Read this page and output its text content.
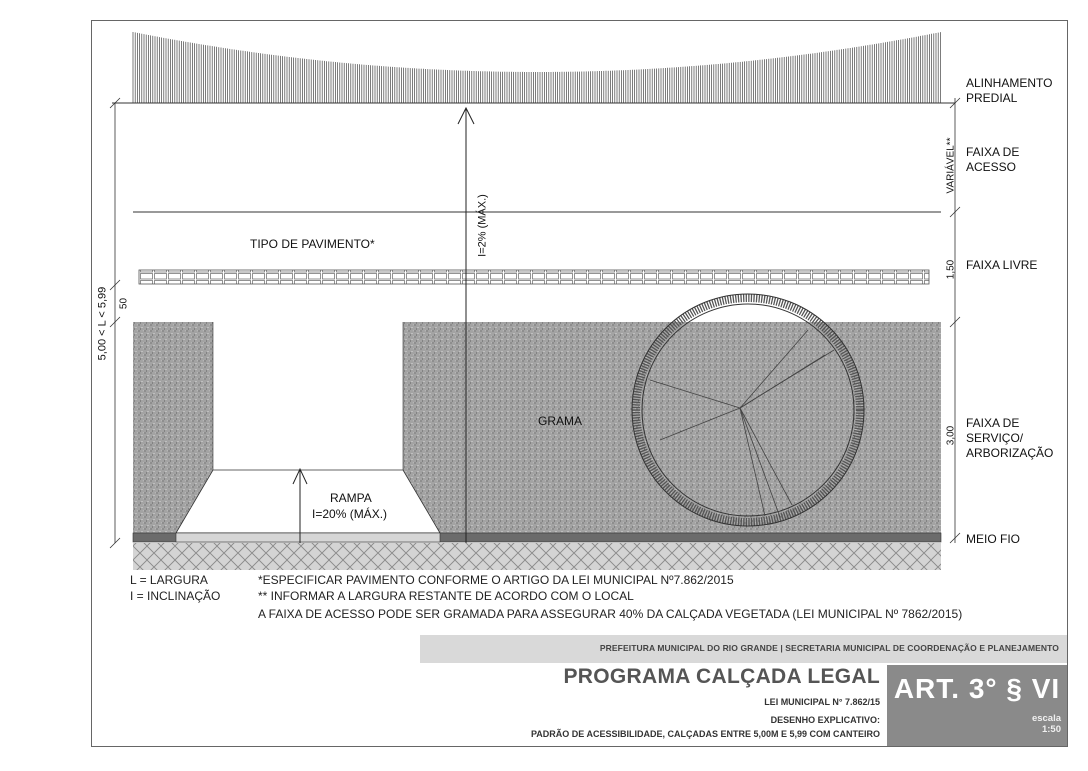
VARIÁVEL**
1,50
3,00
5,00 < L < 5,99 50
I=2% (MÁX.)
TIPO DE PAVIMENTO*
GRAMA
RAMPA
I=20% (MÁX.)
ALINHAMENTO
PREDIAL
FAIXA DE
ACESSO
FAIXA LIVRE
FAIXA DE
SERVIÇO/
ARBORIZAÇÃO
MEIO FIO
L = LARGURA
I = INCLINAÇÃO
*ESPECIFICAR PAVIMENTO CONFORME O ARTIGO DA LEI MUNICIPAL Nº7.862/2015
** INFORMAR A LARGURA RESTANTE DE ACORDO COM O LOCAL
A FAIXA DE ACESSO PODE SER GRAMADA PARA ASSEGURAR 40% DA CALÇADA VEGETADA (LEI MUNICIPAL Nº 7862/2015)
PREFEITURA MUNICIPAL DO RIO GRANDE | SECRETARIA MUNICIPAL DE COORDENAÇÃO E PLANEJAMENTO
PROGRAMA CALÇADA LEGAL
LEI MUNICIPAL N° 7.862/15
DESENHO EXPLICATIVO:
PADRÃO DE ACESSIBILIDADE, CALÇADAS ENTRE 5,00M E 5,99 COM CANTEIRO
ART. 3° § VI
escala
1:50
